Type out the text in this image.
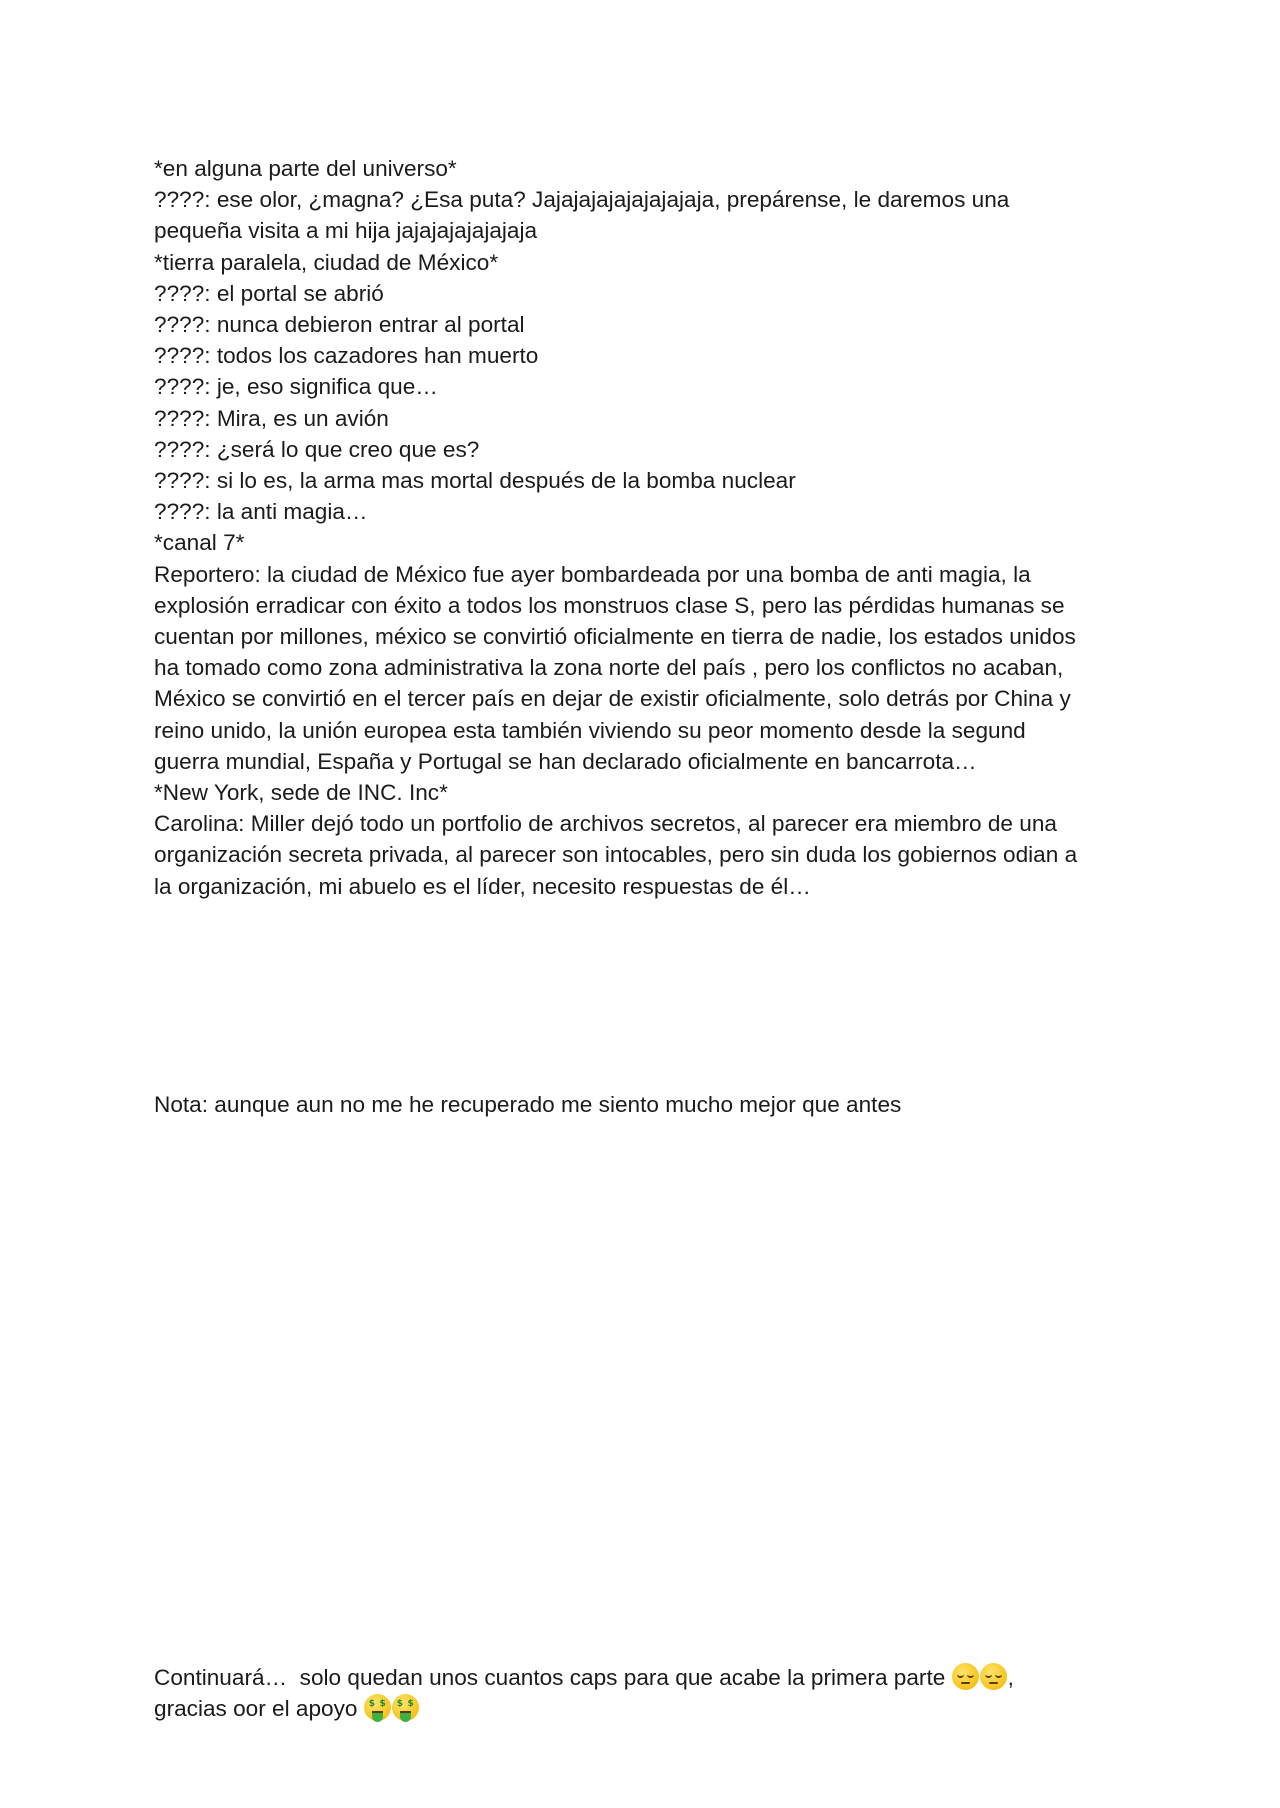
*en alguna parte del universo*
????: ese olor, ¿magna? ¿Esa puta? Jajajajajajajajajaja, prepárense, le daremos una
pequeña visita a mi hija jajajajajajajaja
*tierra paralela, ciudad de México*
????: el portal se abrió
????: nunca debieron entrar al portal
????: todos los cazadores han muerto
????: je, eso significa que…
????: Mira, es un avión
????: ¿será lo que creo que es?
????: si lo es, la arma mas mortal después de la bomba nuclear
????: la anti magia…
*canal 7*
Reportero: la ciudad de México fue ayer bombardeada por una bomba de anti magia, la
explosión erradicar con éxito a todos los monstruos clase S, pero las pérdidas humanas se
cuentan por millones, méxico se convirtió oficialmente en tierra de nadie, los estados unidos
ha tomado como zona administrativa la zona norte del país , pero los conflictos no acaban,
México se convirtió en el tercer país en dejar de existir oficialmente, solo detrás por China y
reino unido, la unión europea esta también viviendo su peor momento desde la segund
guerra mundial, España y Portugal se han declarado oficialmente en bancarrota…
*New York, sede de INC. Inc*
Carolina: Miller dejó todo un portfolio de archivos secretos, al parecer era miembro de una
organización secreta privada, al parecer son intocables, pero sin duda los gobiernos odian a
la organización, mi abuelo es el líder, necesito respuestas de él…
Nota: aunque aun no me he recuperado me siento mucho mejor que antes
Continuará…  solo quedan unos cuantos caps para que acabe la primera parte
,
gracias oor el apoyo $ $ $ $
